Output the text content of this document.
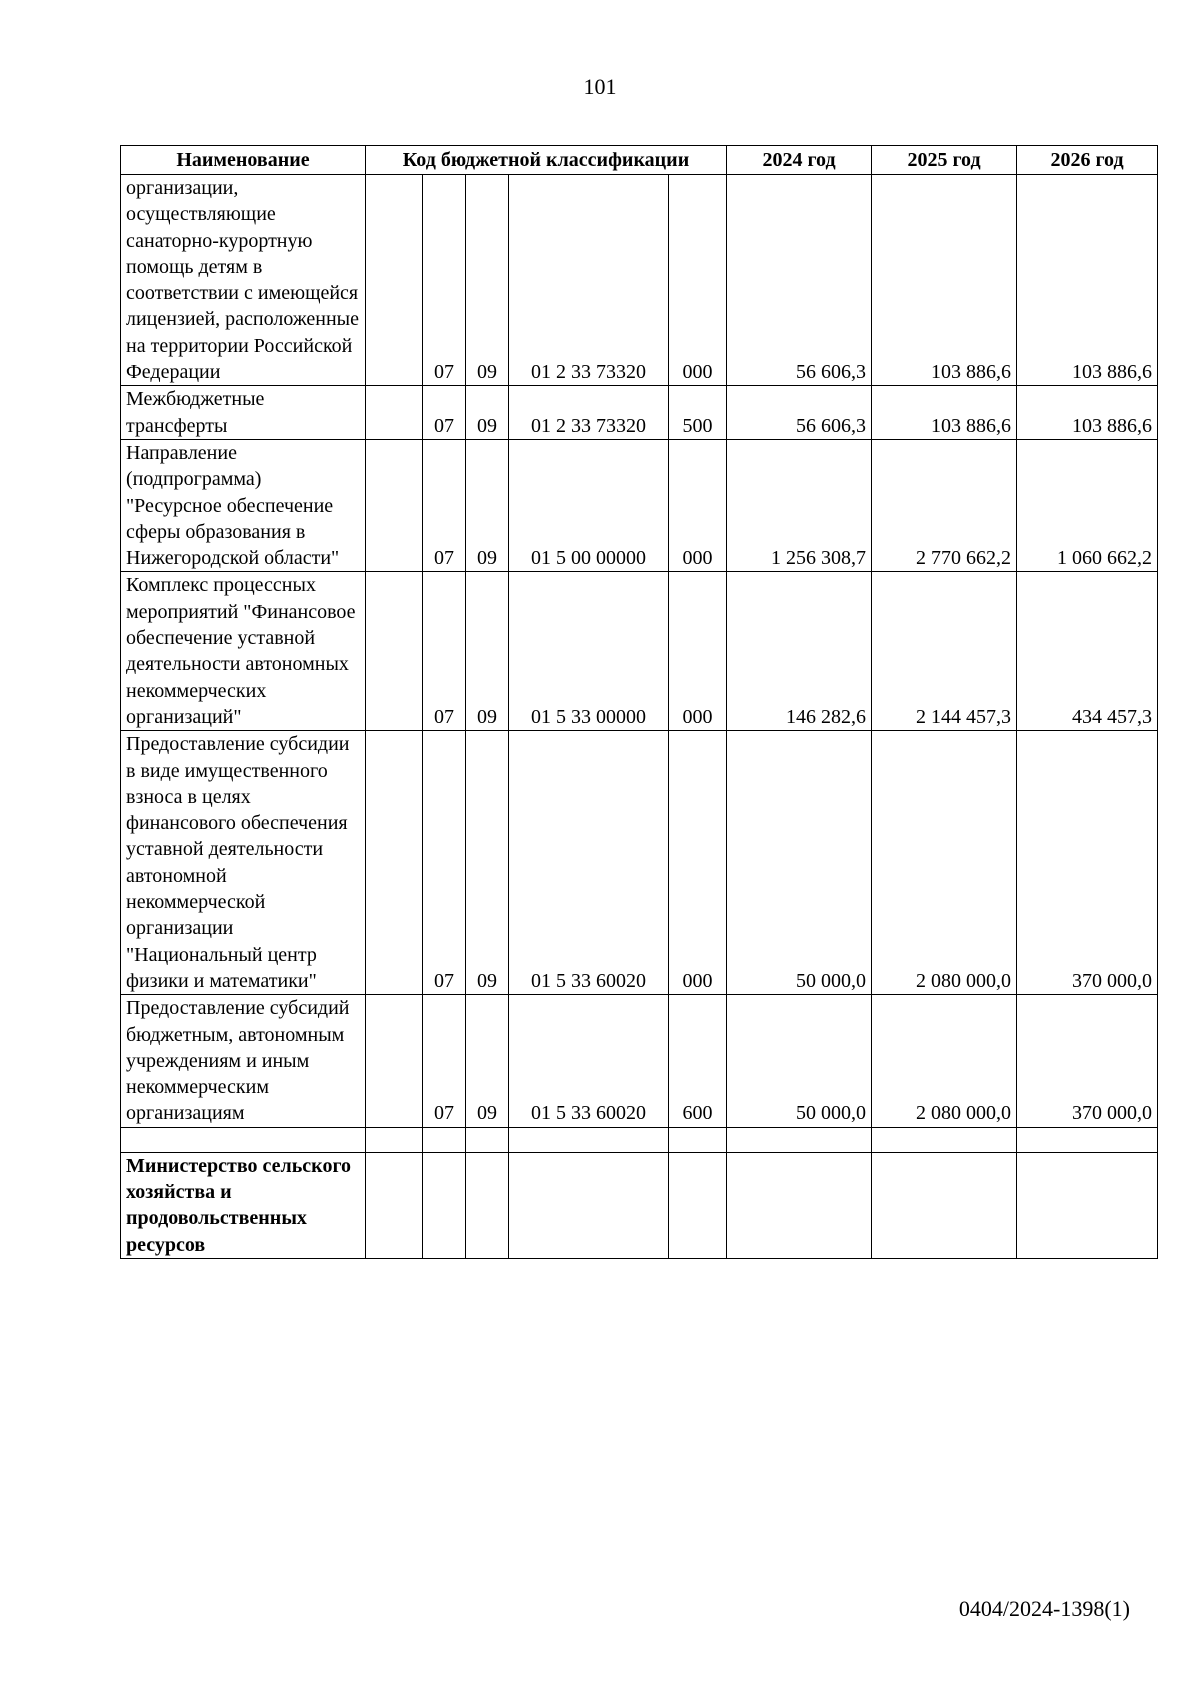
101
Наименование	Код бюджетной классификации					2024 год	2025 год	2026 год
организации, осуществляющие санаторно-курортную помощь детям в соответствии с имеющейся лицензией, расположенные на территории Российской Федерации		07	09	01 2 33 73320	000	56 606,3	103 886,6	103 886,6
Межбюджетные трансферты		07	09	01 2 33 73320	500	56 606,3	103 886,6	103 886,6
Направление (подпрограмма) "Ресурсное обеспечение сферы образования в Нижегородской области"		07	09	01 5 00 00000	000	1 256 308,7	2 770 662,2	1 060 662,2
Комплекс процессных мероприятий "Финансовое обеспечение уставной деятельности автономных некоммерческих организаций"		07	09	01 5 33 00000	000	146 282,6	2 144 457,3	434 457,3
Предоставление субсидии в виде имущественного взноса в целях финансового обеспечения уставной деятельности автономной некоммерческой организации "Национальный центр физики и математики"		07	09	01 5 33 60020	000	50 000,0	2 080 000,0	370 000,0
Предоставление субсидий бюджетным, автономным учреждениям и иным некоммерческим организациям		07	09	01 5 33 60020	600	50 000,0	2 080 000,0	370 000,0

Министерство сельского хозяйства и продовольственных ресурсов								
0404/2024-1398(1)
